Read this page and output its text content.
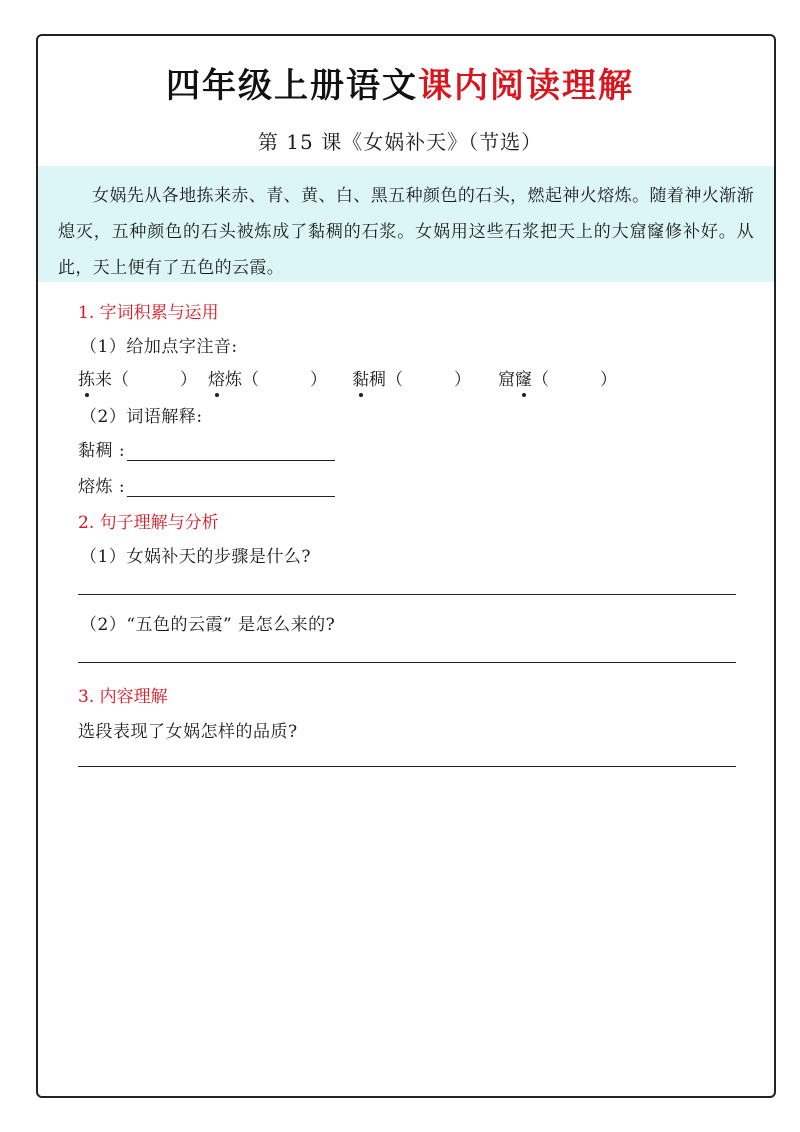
四年级上册语文课内阅读理解
第 15 课《女娲补天》（节选）

女娲先从各地拣来赤、青、黄、白、黑五种颜色的石头，燃起神火熔炼。随着神火渐渐熄灭，五种颜色的石头被炼成了黏稠的石浆。女娲用这些石浆把天上的大窟窿修补好。从此，天上便有了五色的云霞。

1. 字词积累与运用
（1）给加点字注音:
拣来（　　　） 熔炼（　　　） 黏稠（　　　） 窟窿（　　　）
（2）词语解释:
黏稠 :
熔炼 :
2. 句子理解与分析
（1）女娲补天的步骤是什么?
（2）“五色的云霞” 是怎么来的?
3. 内容理解
选段表现了女娲怎样的品质?
